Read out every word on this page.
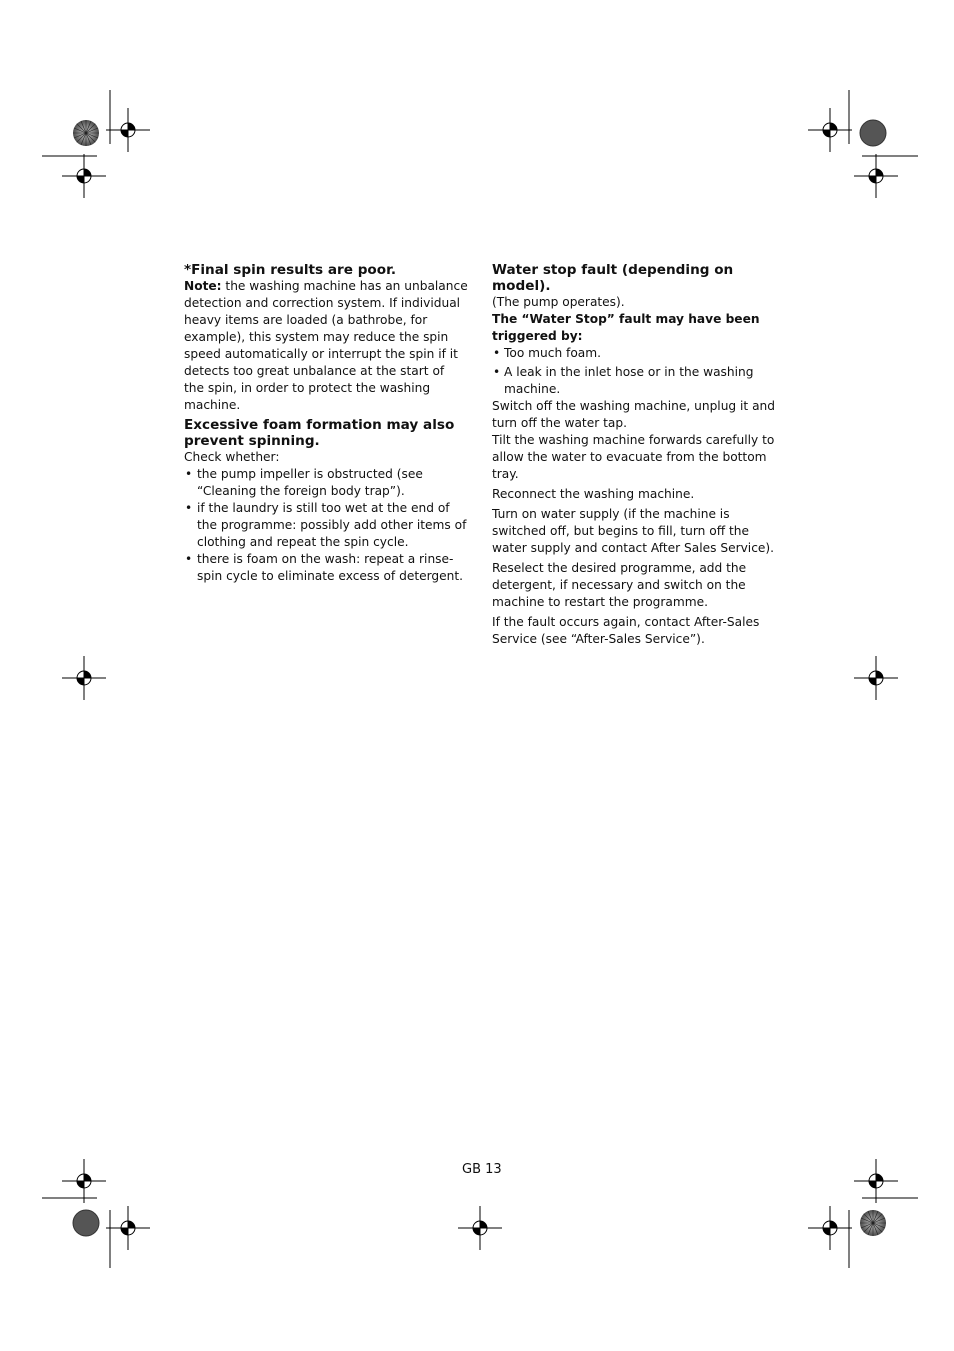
*Final spin results are poor.

Note: the washing machine has an unbalance detection and correction system. If individual heavy items are loaded (a bathrobe, for example), this system may reduce the spin speed automatically or interrupt the spin if it detects too great unbalance at the start of the spin, in order to protect the washing machine.

Excessive foam formation may also prevent spinning.

Check whether:

• the pump impeller is obstructed (see “Cleaning the foreign body trap”).
• if the laundry is still too wet at the end of the programme: possibly add other items of clothing and repeat the spin cycle.
• there is foam on the wash: repeat a rinse-spin cycle to eliminate excess of detergent.

Water stop fault (depending on model).

(The pump operates).

The “Water Stop” fault may have been triggered by:

• Too much foam.
• A leak in the inlet hose or in the washing machine.

Switch off the washing machine, unplug it and turn off the water tap.

Tilt the washing machine forwards carefully to allow the water to evacuate from the bottom tray.

Reconnect the washing machine.

Turn on water supply (if the machine is switched off, but begins to fill, turn off the water supply and contact After Sales Service).

Reselect the desired programme, add the detergent, if necessary and switch on the machine to restart the programme.

If the fault occurs again, contact After-Sales Service (see “After-Sales Service”).

GB 13
